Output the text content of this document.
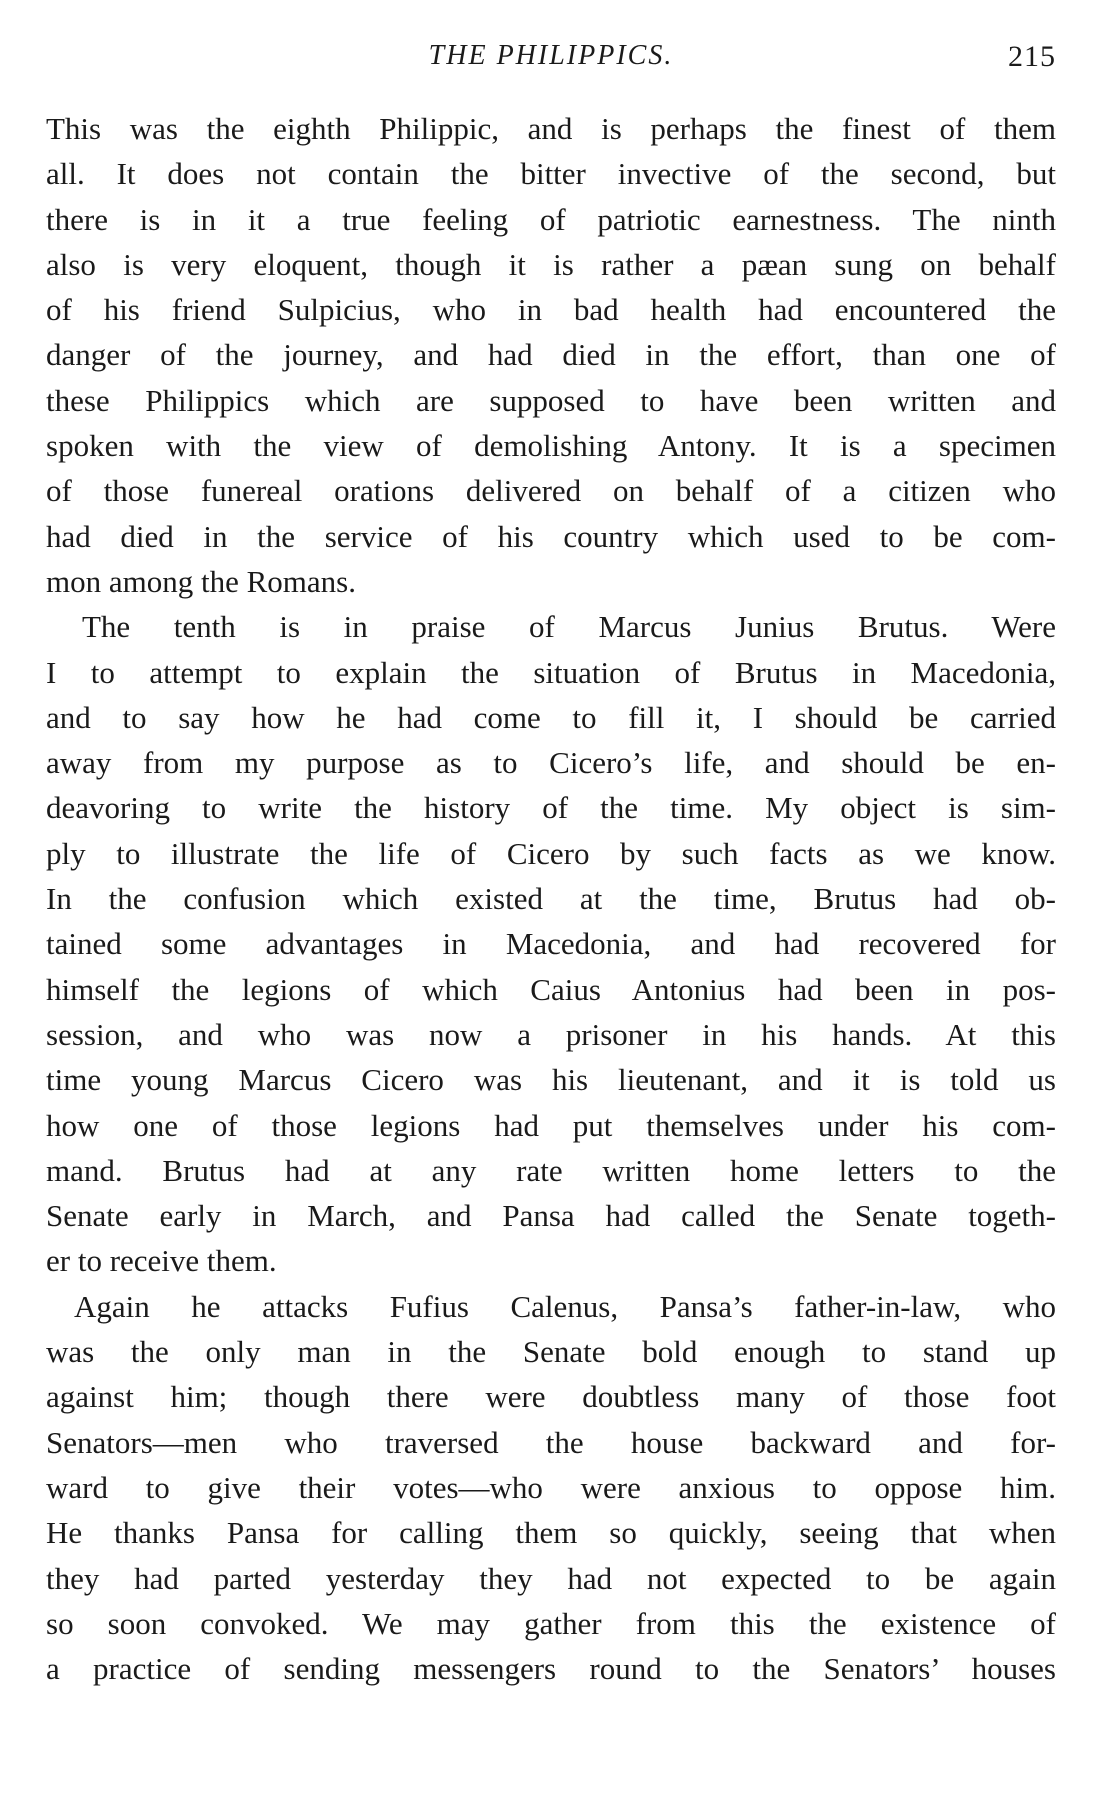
THE PHILIPPICS.	215
This was the eighth Philippic, and is perhaps the finest of them
all. It does not contain the bitter invective of the second, but
there is in it a true feeling of patriotic earnestness. The ninth
also is very eloquent, though it is rather a pæan sung on behalf
of his friend Sulpicius, who in bad health had encountered the
danger of the journey, and had died in the effort, than one of
these Philippics which are supposed to have been written and
spoken with the view of demolishing Antony. It is a specimen
of those funereal orations delivered on behalf of a citizen who
had died in the service of his country which used to be com-
mon among the Romans.
The tenth is in praise of Marcus Junius Brutus. Were
I to attempt to explain the situation of Brutus in Macedonia,
and to say how he had come to fill it, I should be carried
away from my purpose as to Cicero’s life, and should be en-
deavoring to write the history of the time. My object is sim-
ply to illustrate the life of Cicero by such facts as we know.
In the confusion which existed at the time, Brutus had ob-
tained some advantages in Macedonia, and had recovered for
himself the legions of which Caius Antonius had been in pos-
session, and who was now a prisoner in his hands. At this
time young Marcus Cicero was his lieutenant, and it is told us
how one of those legions had put themselves under his com-
mand. Brutus had at any rate written home letters to the
Senate early in March, and Pansa had called the Senate togeth-
er to receive them.
Again he attacks Fufius Calenus, Pansa’s father-in-law, who
was the only man in the Senate bold enough to stand up
against him; though there were doubtless many of those foot
Senators—men who traversed the house backward and for-
ward to give their votes—who were anxious to oppose him.
He thanks Pansa for calling them so quickly, seeing that when
they had parted yesterday they had not expected to be again
so soon convoked. We may gather from this the existence of
a practice of sending messengers round to the Senators’ houses
